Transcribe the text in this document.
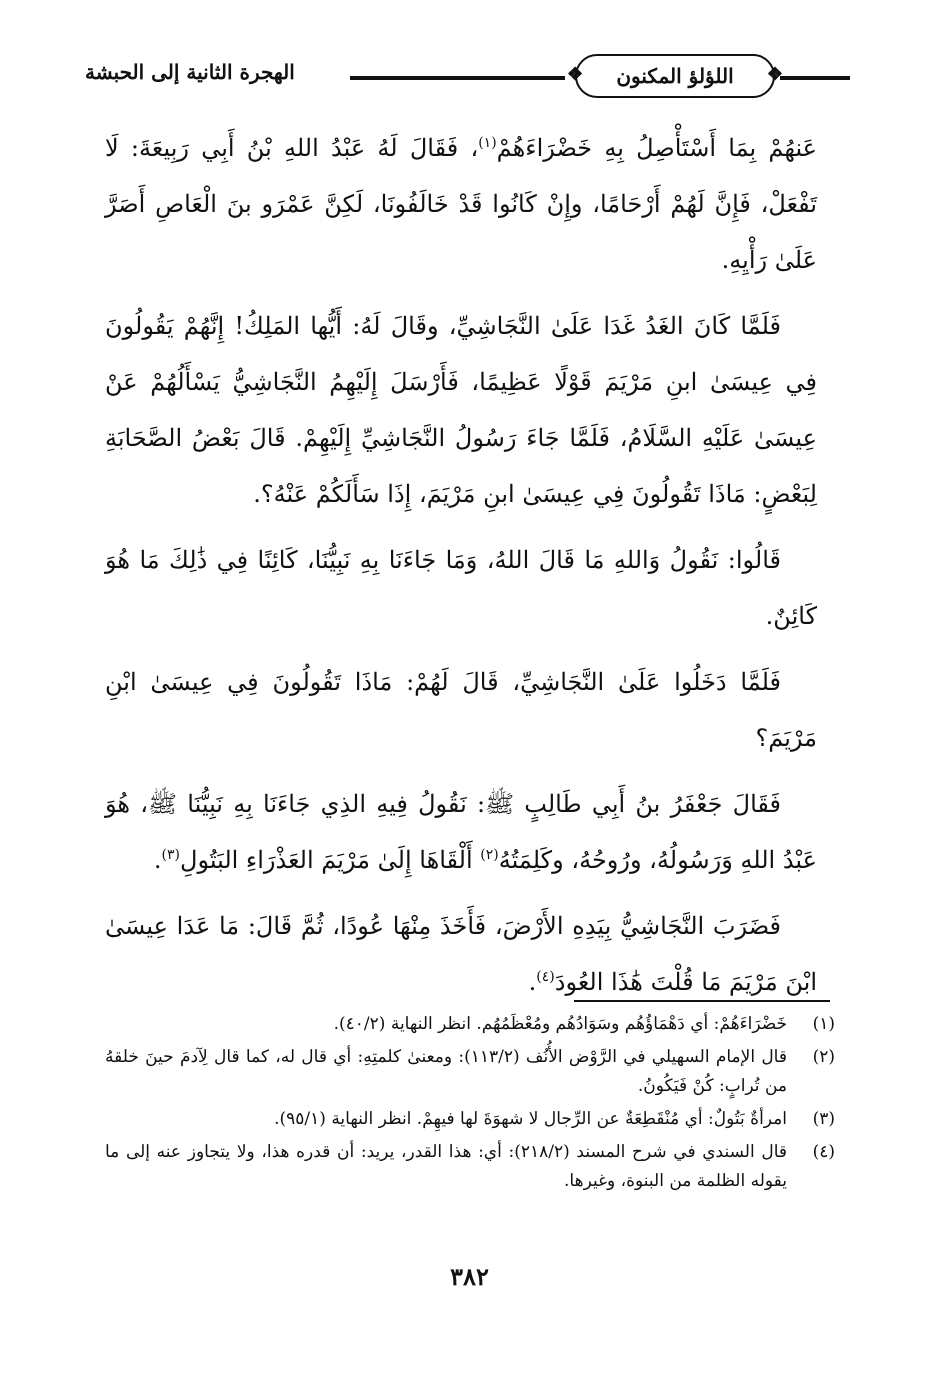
الهجرة الثانية إلى الحبشة
❖	اللؤلؤ المكنون
❖

عَنهُمْ بِمَا أَسْتَأْصِلُ بِهِ خَضْرَاءَهُمْ$^{(١)}$، فَقَالَ لَهُ عَبْدُ اللهِ بْنُ أَبِي رَبِيعَةَ: لَا تَفْعَلْ، فَإِنَّ لَهُمْ أَرْحَامًا، وإِنْ كَانُوا قَدْ خَالَفُونَا، لَكِنَّ عَمْرَو بنَ الْعَاصِ أَصَرَّ عَلَىٰ رَأْيِهِ.

فَلَمَّا كَانَ الغَدُ غَدَا عَلَىٰ النَّجَاشِيِّ، وقَالَ لَهُ: أَيُّها المَلِكُ! إِنَّهُمْ يَقُولُونَ فِي عِيسَىٰ ابنِ مَرْيَمَ قَوْلًا عَظِيمًا، فَأَرْسَلَ إِلَيْهِمُ النَّجَاشِيُّ يَسْأَلُهُمْ عَنْ عِيسَىٰ عَلَيْهِ السَّلَامُ، فَلَمَّا جَاءَ رَسُولُ النَّجَاشِيِّ إِلَيْهِمْ. قَالَ بَعْضُ الصَّحَابَةِ لِبَعْضٍ: مَاذَا تَقُولُونَ فِي عِيسَىٰ ابنِ مَرْيَمَ، إِذَا سَأَلَكُمْ عَنْهُ؟.

قَالُوا: نَقُولُ وَاللهِ مَا قَالَ اللهُ، وَمَا جَاءَنَا بِهِ نَبِيُّنَا، كَائِنًا فِي ذَٰلِكَ مَا هُوَ كَائِنٌ.

فَلَمَّا دَخَلُوا عَلَىٰ النَّجَاشِيِّ، قَالَ لَهُمْ: مَاذَا تَقُولُونَ فِي عِيسَىٰ ابْنِ مَرْيَمَ؟

فَقَالَ جَعْفَرُ بنُ أَبِي طَالِبٍ ﷺ: نَقُولُ فِيهِ الذِي جَاءَنَا بِهِ نَبِيُّنَا ﷺ، هُوَ عَبْدُ اللهِ وَرَسُولُهُ، ورُوحُهُ، وكَلِمَتُهُ$^{(٢)}$ أَلْقَاهَا إِلَىٰ مَرْيَمَ العَذْرَاءِ البَتُولِ$^{(٣)}$.

فَضَرَبَ النَّجَاشِيُّ بِيَدِهِ الأَرْضَ، فَأَخَذَ مِنْهَا عُودًا، ثُمَّ قَالَ: مَا عَدَا عِيسَىٰ ابْنَ مَرْيَمَ مَا قُلْتَ هَٰذَا العُودَ$^{(٤)}$.

(١)
خَضْرَاءَهُمْ: أي دَهْمَاؤُهُم وسَوَادُهُم ومُعْظَمُهُم. انظر النهاية (٤٠/٢).
(٢)
قال الإمام السهيلي في الرَّوْض الأُنُف (١١٣/٢): ومعنىٰ كلمتِهِ: أي قال له، كما قال لِآدمَ حينَ خلقهُ من تُرابٍ: كُنْ فَيَكُونُ.
(٣)
امرأةٌ بَتُولٌ: أي مُنْقَطِعَةٌ عن الرِّجال لا شهوَةَ لها فيهِمْ. انظر النهاية (٩٥/١).
(٤)
قال السندي في شرح المسند (٢١٨/٢): أي: هذا القدر، يريد: أن قدره هذا، ولا يتجاوز عنه إلى ما يقوله الظلمة من البنوة، وغيرها.
٣٨٢
